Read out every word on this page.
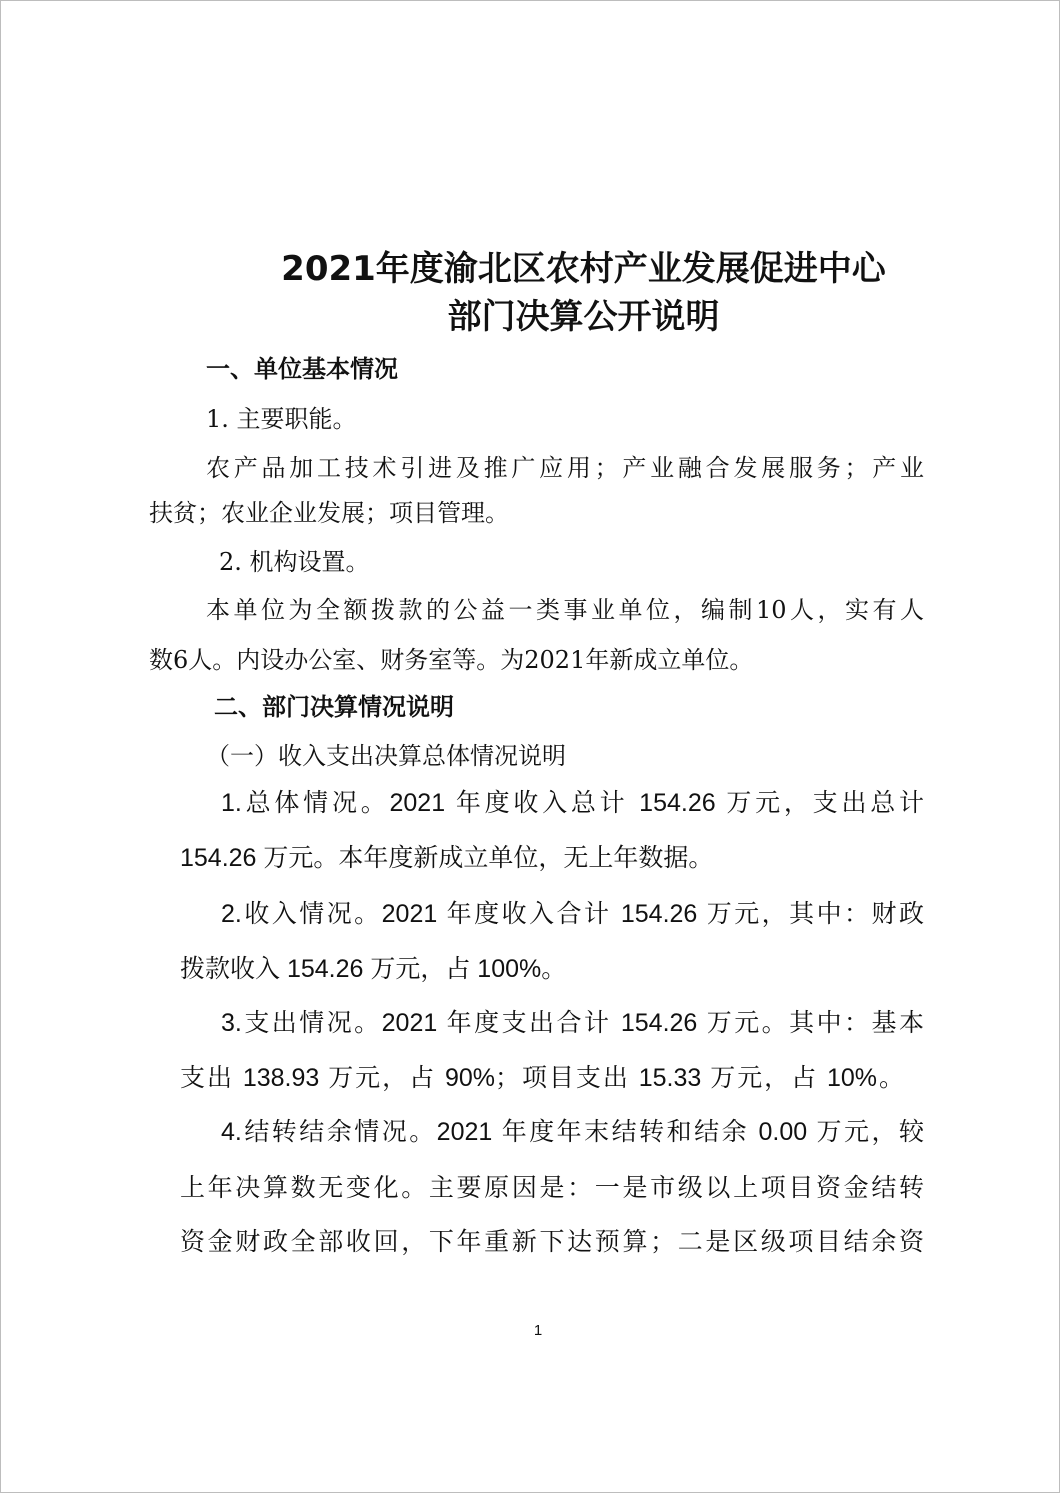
2021年度渝北区农村产业发展促进中心
部门决算公开说明
一、单位基本情况
1. 主要职能。
农产品加工技术引进及推广应用；产业融合发展服务；产业
扶贫；农业企业发展；项目管理。
2. 机构设置。
本单位为全额拨款的公益一类事业单位，编制10人，实有人
数6人。内设办公室、财务室等。为2021年新成立单位。
二、部门决算情况说明
（一）收入支出决算总体情况说明
1.总体情况。2021 年度收入总计 154.26 万元，支出总计
154.26 万元。本年度新成立单位，无上年数据。
2.收入情况。2021 年度收入合计 154.26 万元，其中：财政
拨款收入 154.26 万元，占 100%。
3.支出情况。2021 年度支出合计 154.26 万元。其中：基本
支出 138.93 万元，占 90%；项目支出 15.33 万元，占 10%。
4.结转结余情况。2021 年度年末结转和结余 0.00 万元，较
上年决算数无变化。主要原因是：一是市级以上项目资金结转
资金财政全部收回，下年重新下达预算；二是区级项目结余资
1
